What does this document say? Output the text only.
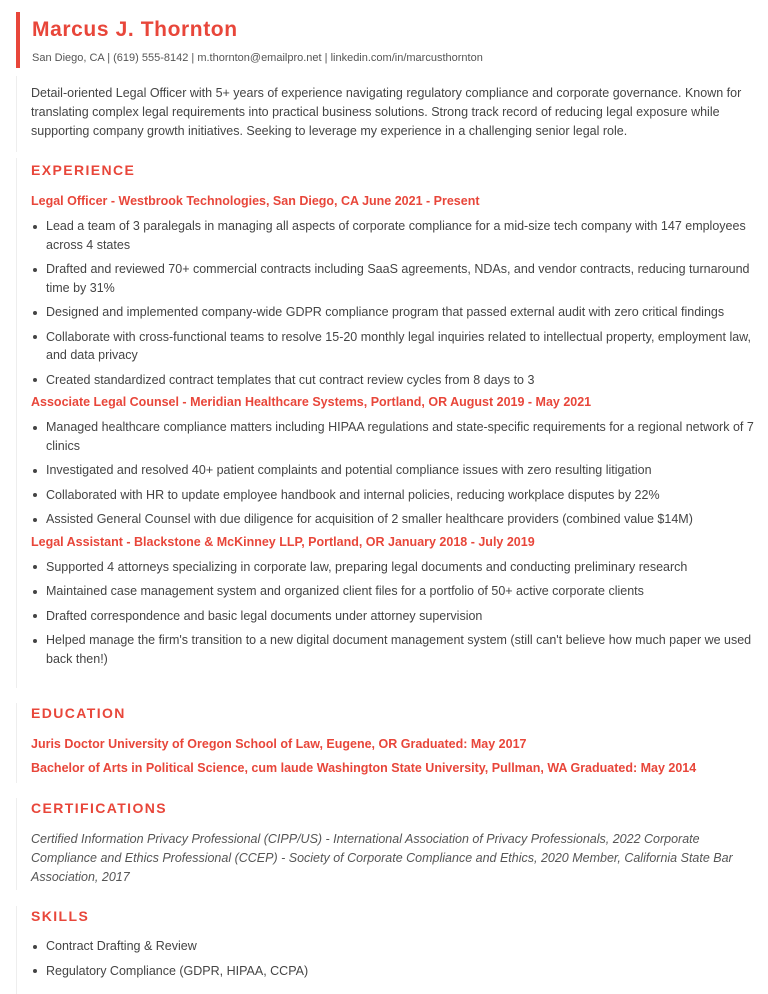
Marcus J. Thornton
San Diego, CA | (619) 555-8142 | m.thornton@emailpro.net | linkedin.com/in/marcusthornton
Detail-oriented Legal Officer with 5+ years of experience navigating regulatory compliance and corporate governance. Known for translating complex legal requirements into practical business solutions. Strong track record of reducing legal exposure while supporting company growth initiatives. Seeking to leverage my experience in a challenging senior legal role.
EXPERIENCE
Legal Officer - Westbrook Technologies, San Diego, CA June 2021 - Present
Lead a team of 3 paralegals in managing all aspects of corporate compliance for a mid-size tech company with 147 employees across 4 states
Drafted and reviewed 70+ commercial contracts including SaaS agreements, NDAs, and vendor contracts, reducing turnaround time by 31%
Designed and implemented company-wide GDPR compliance program that passed external audit with zero critical findings
Collaborate with cross-functional teams to resolve 15-20 monthly legal inquiries related to intellectual property, employment law, and data privacy
Created standardized contract templates that cut contract review cycles from 8 days to 3
Associate Legal Counsel - Meridian Healthcare Systems, Portland, OR August 2019 - May 2021
Managed healthcare compliance matters including HIPAA regulations and state-specific requirements for a regional network of 7 clinics
Investigated and resolved 40+ patient complaints and potential compliance issues with zero resulting litigation
Collaborated with HR to update employee handbook and internal policies, reducing workplace disputes by 22%
Assisted General Counsel with due diligence for acquisition of 2 smaller healthcare providers (combined value $14M)
Legal Assistant - Blackstone & McKinney LLP, Portland, OR January 2018 - July 2019
Supported 4 attorneys specializing in corporate law, preparing legal documents and conducting preliminary research
Maintained case management system and organized client files for a portfolio of 50+ active corporate clients
Drafted correspondence and basic legal documents under attorney supervision
Helped manage the firm's transition to a new digital document management system (still can't believe how much paper we used back then!)
EDUCATION
Juris Doctor University of Oregon School of Law, Eugene, OR Graduated: May 2017
Bachelor of Arts in Political Science, cum laude Washington State University, Pullman, WA Graduated: May 2014
CERTIFICATIONS
Certified Information Privacy Professional (CIPP/US) - International Association of Privacy Professionals, 2022 Corporate Compliance and Ethics Professional (CCEP) - Society of Corporate Compliance and Ethics, 2020 Member, California State Bar Association, 2017
SKILLS
Contract Drafting & Review
Regulatory Compliance (GDPR, HIPAA, CCPA)
